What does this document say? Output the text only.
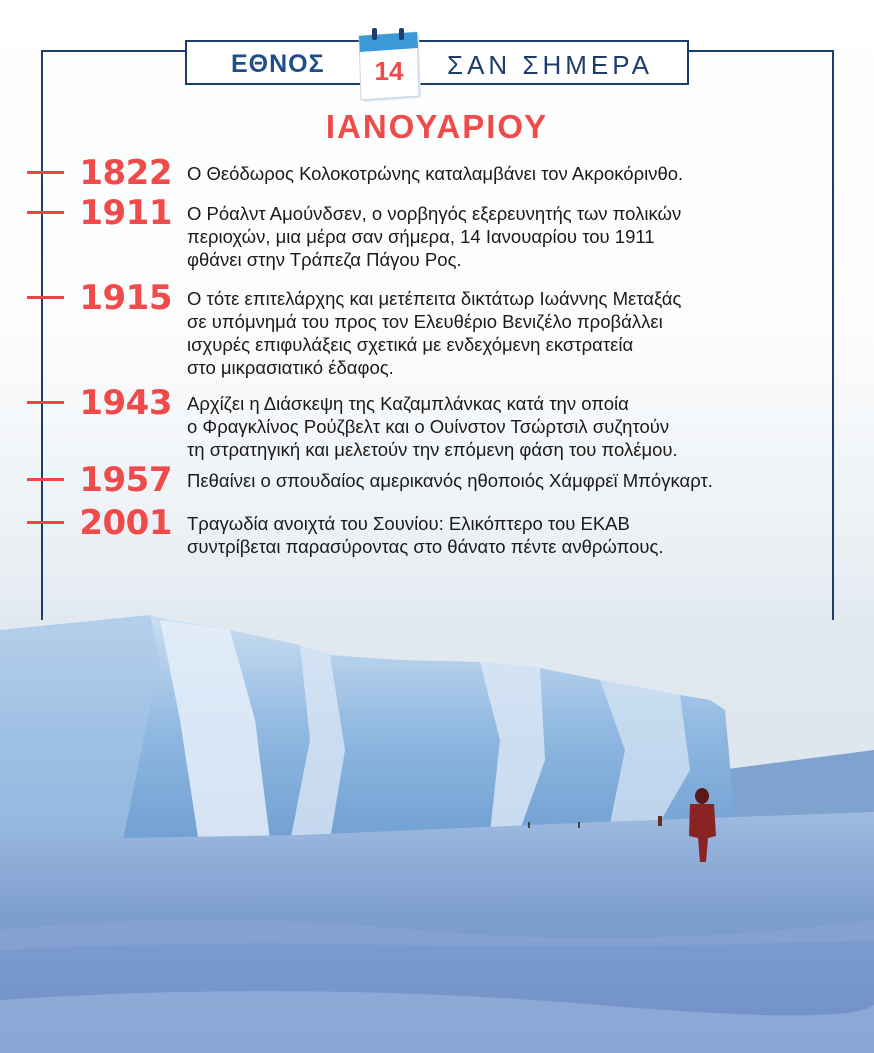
ΕΘΝΟΣ	ΣΑΝ ΣΗΜΕΡΑ
14
ΙΑΝΟΥΑΡΙΟΥ
1822 Ο Θεόδωρος Κολοκοτρώνης καταλαμβάνει τον Ακροκόρινθο.
1911 Ο Ρόαλντ Αμούνδσεν, ο νορβηγός εξερευνητής των πολικών
περιοχών, μια μέρα σαν σήμερα, 14 Ιανουαρίου του 1911
φθάνει στην Τράπεζα Πάγου Ρος.
1915 Ο τότε επιτελάρχης και μετέπειτα δικτάτωρ Ιωάννης Μεταξάς
σε υπόμνημά του προς τον Ελευθέριο Βενιζέλο προβάλλει
ισχυρές επιφυλάξεις σχετικά με ενδεχόμενη εκστρατεία
στο μικρασιατικό έδαφος.
1943 Αρχίζει η Διάσκεψη της Καζαμπλάνκας κατά την οποία
ο Φραγκλίνος Ρούζβελτ και ο Ουίνστον Τσώρτσιλ συζητούν
τη στρατηγική και μελετούν την επόμενη φάση του πολέμου.
1957 Πεθαίνει ο σπουδαίος αμερικανός ηθοποιός Χάμφρεϊ Μπόγκαρτ.
2001 Τραγωδία ανοιχτά του Σουνίου: Ελικόπτερο του ΕΚΑΒ
συντρίβεται παρασύροντας στο θάνατο πέντε ανθρώπους.
